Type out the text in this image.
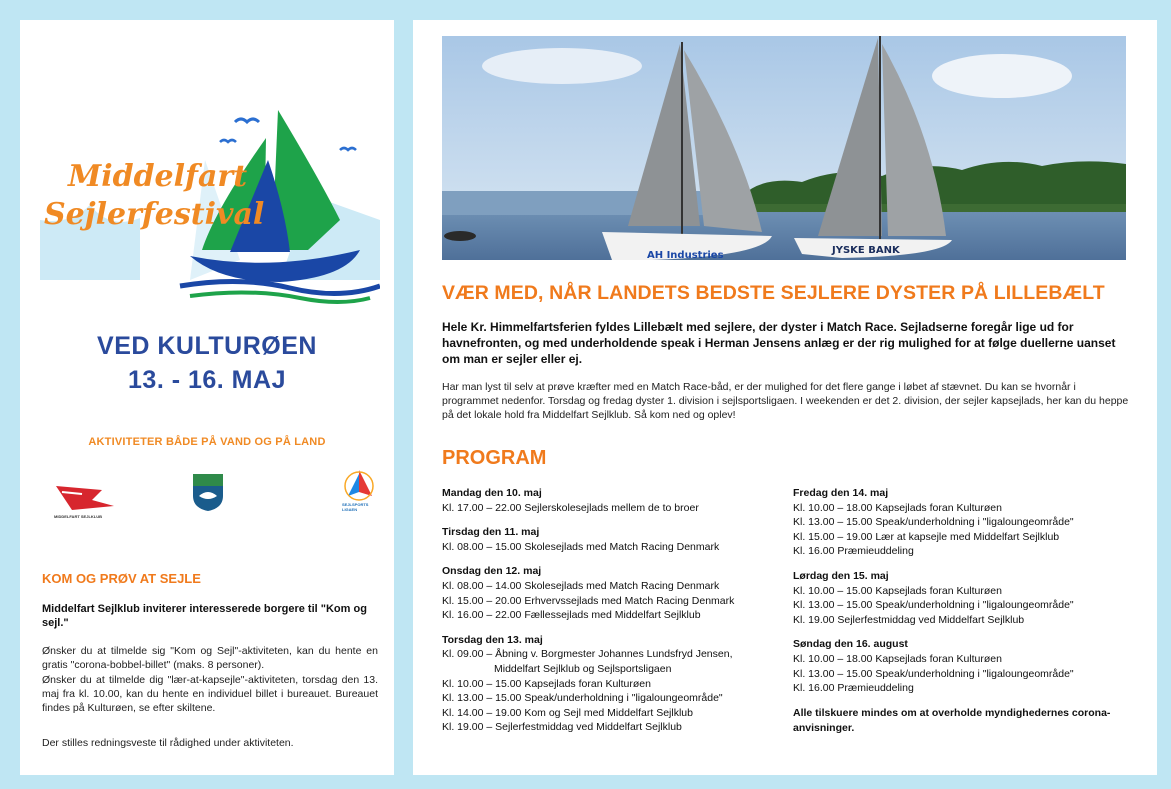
Middelfart
Sejlerfestival
VED KULTURØEN
13. - 16. MAJ
AKTIVITETER BÅDE PÅ VAND OG PÅ LAND
MIDDELFART SEJLKLUB
SEJLSPORTS LIGAEN
KOM OG PRØV AT SEJLE
Middelfart Sejlklub inviterer interesserede borgere til "Kom og sejl."

Ønsker du at tilmelde sig "Kom og Sejl"-aktiviteten, kan du hente en gratis "corona-bobbel-billet" (maks. 8 personer).

Ønsker du at tilmelde dig "lær-at-kapsejle"-aktiviteten, torsdag den 13. maj fra kl. 10.00, kan du hente en individuel billet i bureauet. Bureauet findes på Kulturøen, se efter skiltene.

Der stilles redningsveste til rådighed under aktiviteten.
AH Industries	JYSKE BANK
VÆR MED, NÅR LANDETS BEDSTE SEJLERE DYSTER PÅ LILLEBÆLT
Hele Kr. Himmelfartsferien fyldes Lillebælt med sejlere, der dyster i Match Race. Sejladserne foregår lige ud for havnefronten, og med underholdende speak i Herman Jensens anlæg er der rig mulighed for at følge duellerne uanset om man er sejler eller ej.
Har man lyst til selv at prøve kræfter med en Match Race-båd, er der mulighed for det flere gange i løbet af stævnet. Du kan se hvornår i programmet nedenfor. Torsdag og fredag dyster 1. division i sejlsportsligaen. I weekenden er det 2. division, der sejler kapsejlads, her kan du heppe på det lokale hold fra Middelfart Sejlklub. Så kom ned og oplev!
PROGRAM
Mandag den 10. maj
Kl. 17.00 – 22.00 Sejlerskolesejlads mellem de to broer
Tirsdag den 11. maj
Kl. 08.00 – 15.00 Skolesejlads med Match Racing Denmark
Onsdag den 12. maj
Kl. 08.00 – 14.00 Skolesejlads med Match Racing Denmark
Kl. 15.00 – 20.00 Erhvervssejlads med Match Racing Denmark
Kl. 16.00 – 22.00 Fællessejlads med Middelfart Sejlklub
Torsdag den 13. maj
Kl. 09.00 – Åbning v. Borgmester Johannes Lundsfryd Jensen,
Middelfart Sejlklub og Sejlsportsligaen
Kl. 10.00 – 15.00 Kapsejlads foran Kulturøen
Kl. 13.00 – 15.00 Speak/underholdning i "ligaloungeområde"
Kl. 14.00 – 19.00 Kom og Sejl med Middelfart Sejlklub
Kl. 19.00 – Sejlerfestmiddag ved Middelfart Sejlklub
Fredag den 14. maj
Kl. 10.00 – 18.00 Kapsejlads foran Kulturøen
Kl. 13.00 – 15.00 Speak/underholdning i "ligaloungeområde"
Kl. 15.00 – 19.00 Lær at kapsejle med Middelfart Sejlklub
Kl. 16.00 Præmieuddeling
Lørdag den 15. maj
Kl. 10.00 – 15.00 Kapsejlads foran Kulturøen
Kl. 13.00 – 15.00 Speak/underholdning i "ligaloungeområde"
Kl. 19.00 Sejlerfestmiddag ved Middelfart Sejlklub
Søndag den 16. august
Kl. 10.00 – 18.00 Kapsejlads foran Kulturøen
Kl. 13.00 – 15.00 Speak/underholdning i "ligaloungeområde"
Kl. 16.00 Præmieuddeling
Alle tilskuere mindes om at overholde myndighedernes corona-anvisninger.
